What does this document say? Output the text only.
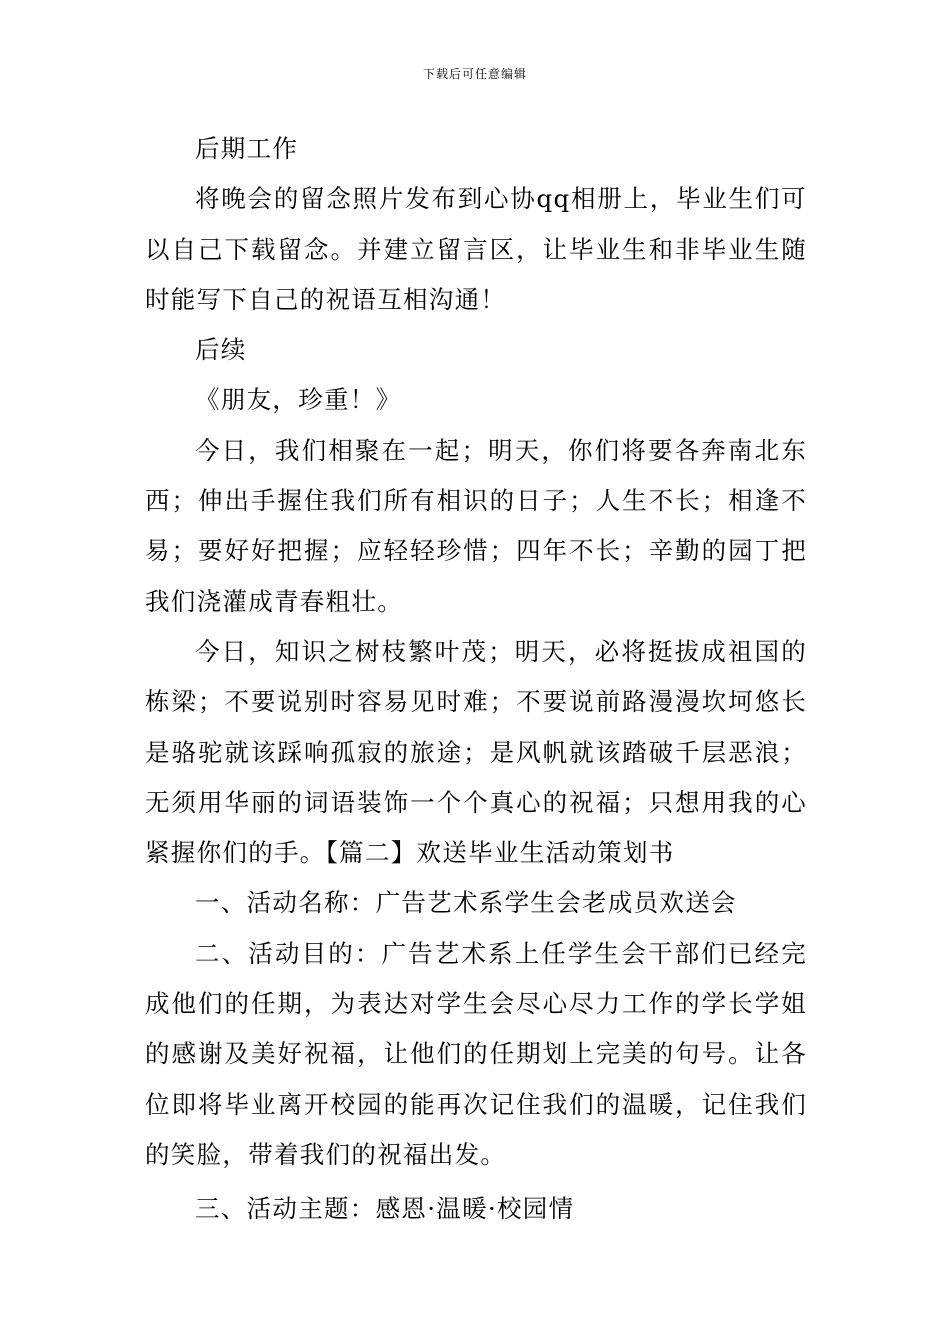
下载后可任意编辑

后期工作

将晚会的留念照片发布到心协qq相册上，毕业生们可以自己下载留念。并建立留言区，让毕业生和非毕业生随时能写下自己的祝语互相沟通！

后续

《朋友，珍重！》

今日，我们相聚在一起；明天，你们将要各奔南北东西；伸出手握住我们所有相识的日子；人生不长；相逢不易；要好好把握；应轻轻珍惜；四年不长；辛勤的园丁把我们浇灌成青春粗壮。

今日，知识之树枝繁叶茂；明天，必将挺拔成祖国的栋梁；不要说别时容易见时难；不要说前路漫漫坎坷悠长是骆驼就该踩响孤寂的旅途；是风帆就该踏破千层恶浪；无须用华丽的词语装饰一个个真心的祝福；只想用我的心紧握你们的手。【篇二】欢送毕业生活动策划书

一、活动名称：广告艺术系学生会老成员欢送会

二、活动目的：广告艺术系上任学生会干部们已经完成他们的任期，为表达对学生会尽心尽力工作的学长学姐的感谢及美好祝福，让他们的任期划上完美的句号。让各位即将毕业离开校园的能再次记住我们的温暖，记住我们的笑脸，带着我们的祝福出发。

三、活动主题：感恩·温暖·校园情
